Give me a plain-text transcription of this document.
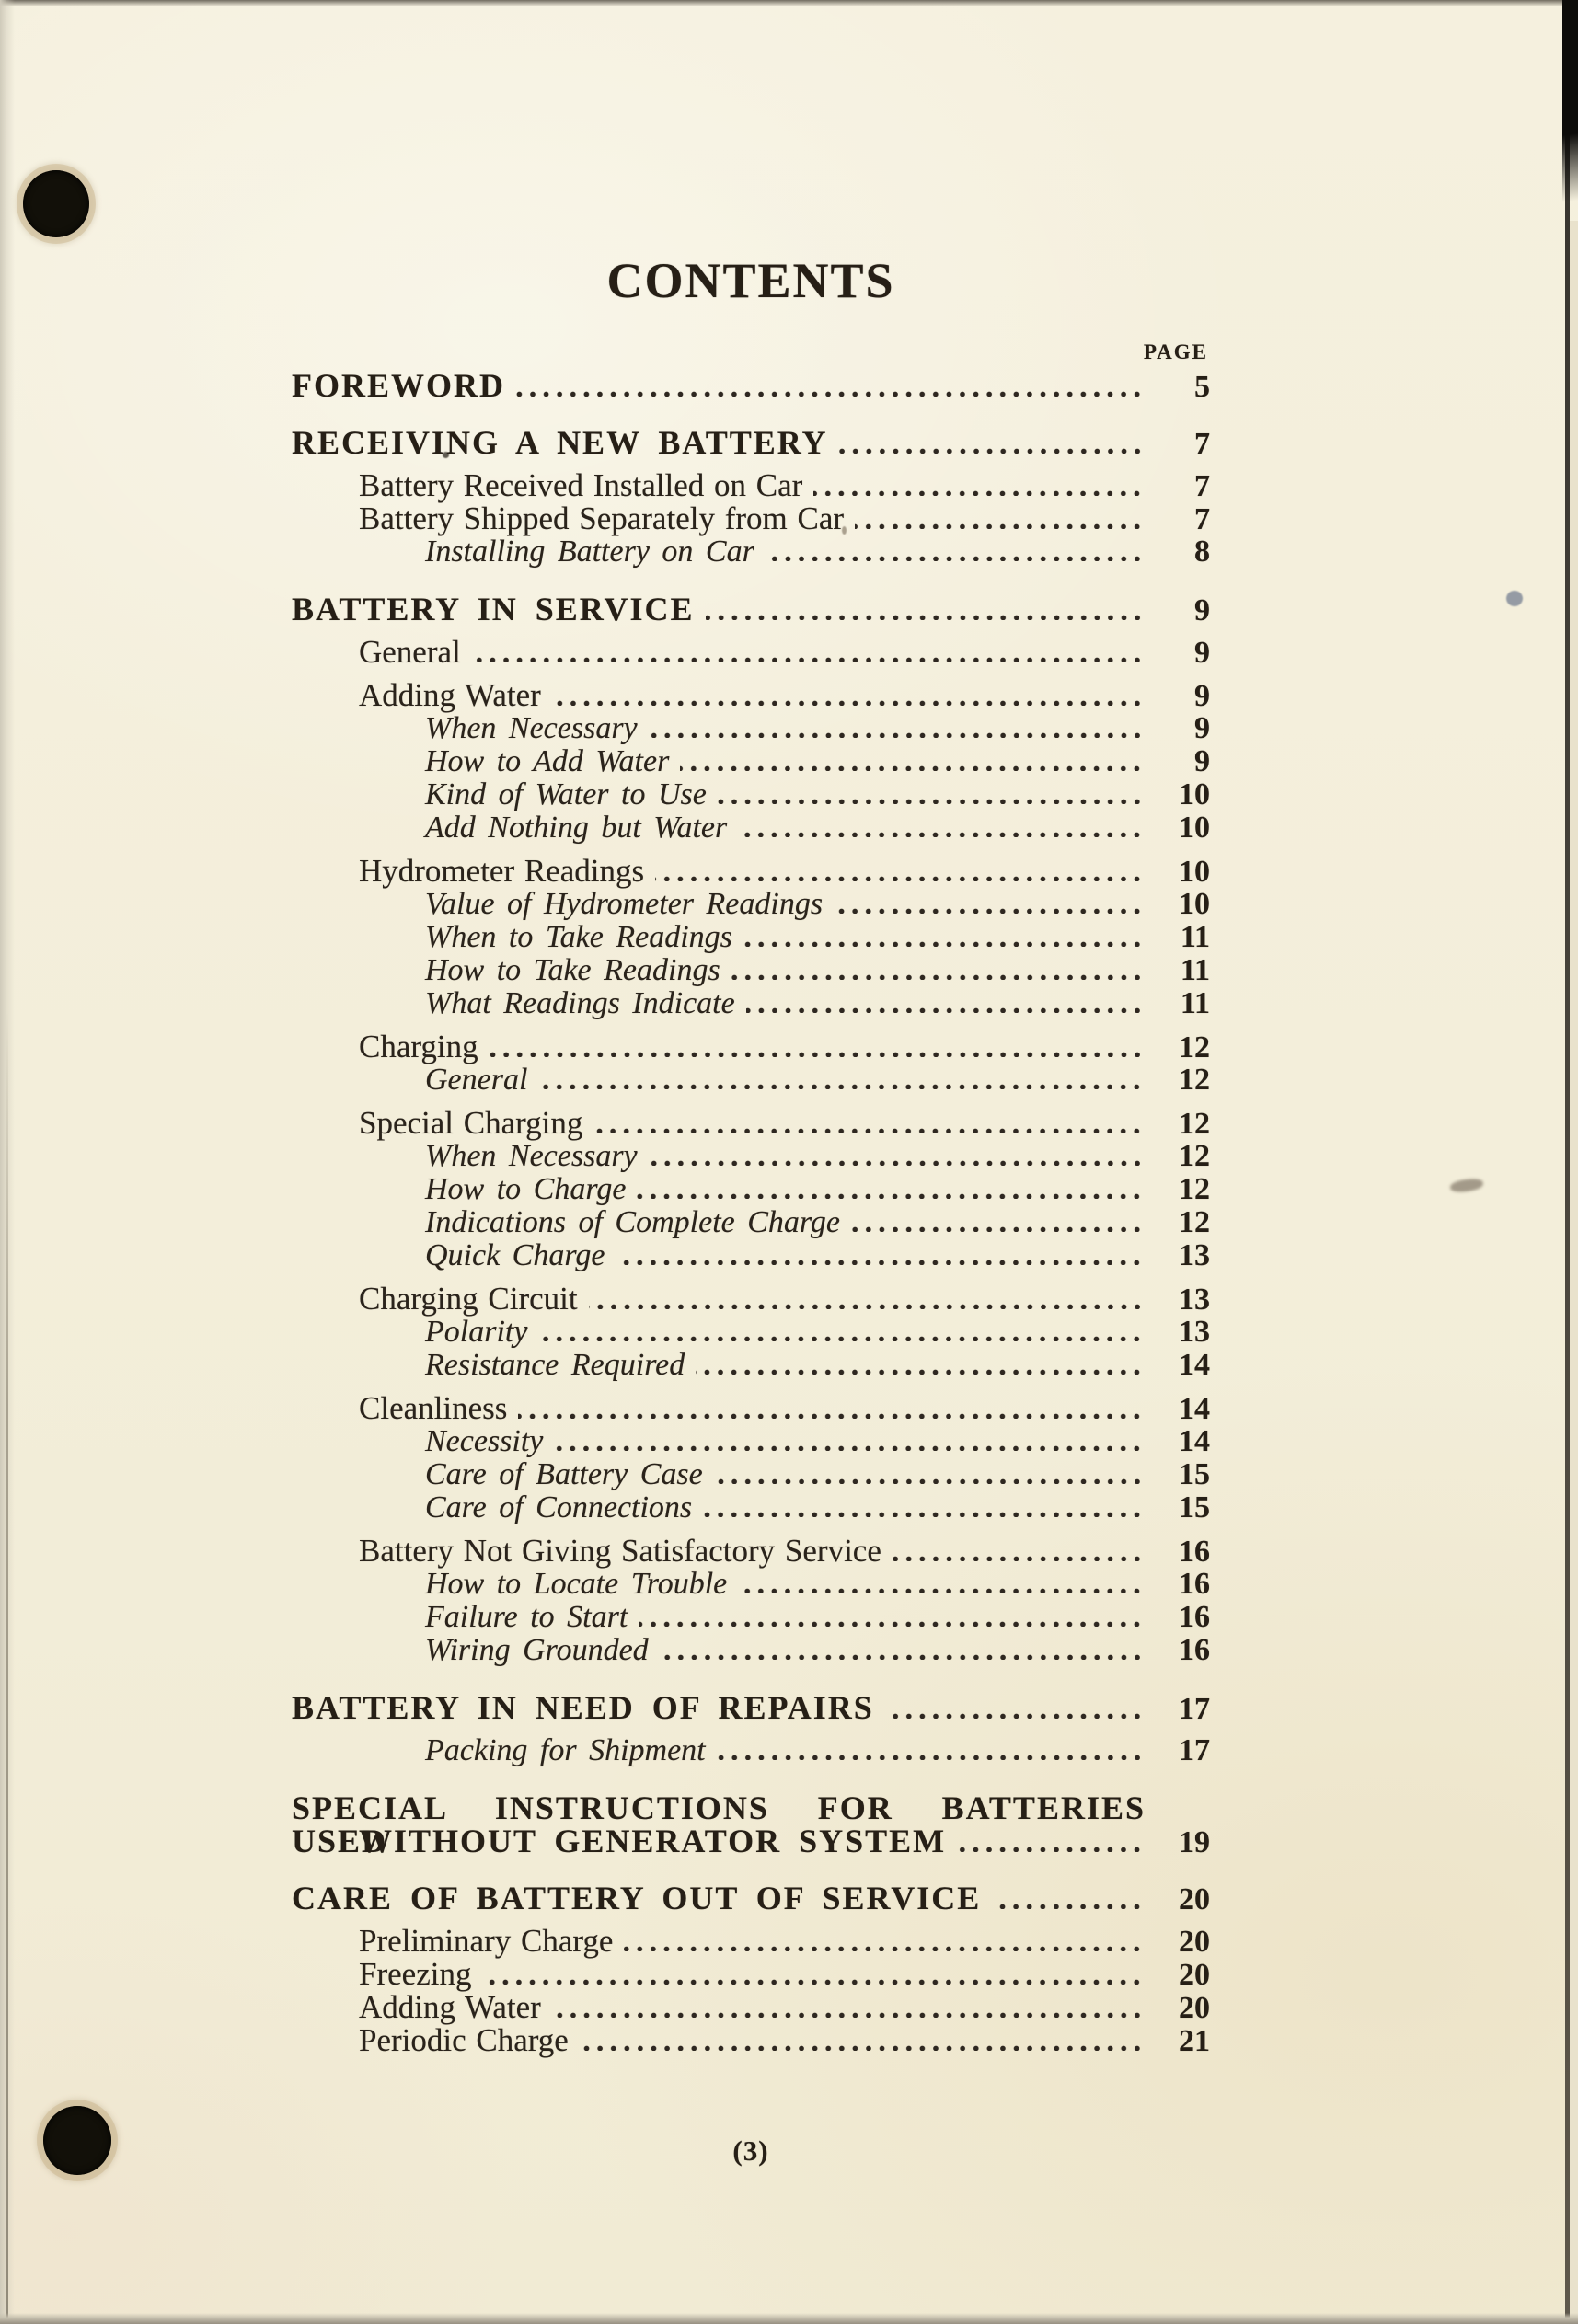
CONTENTS
PAGE
FOREWORD	5
RECEIVING A NEW BATTERY	7
Battery Received Installed on Car	7
Battery Shipped Separately from Car	7
Installing Battery on Car	8
BATTERY IN SERVICE	9
General	9
Adding Water	9
When Necessary	9
How to Add Water	9
Kind of Water to Use	10
Add Nothing but Water	10
Hydrometer Readings	10
Value of Hydrometer Readings	10
When to Take Readings	11
How to Take Readings	11
What Readings Indicate	11
Charging	12
General	12
Special Charging	12
When Necessary	12
How to Charge	12
Indications of Complete Charge	12
Quick Charge	13
Charging Circuit	13
Polarity	13
Resistance Required	14
Cleanliness	14
Necessity	14
Care of Battery Case	15
Care of Connections	15
Battery Not Giving Satisfactory Service	16
How to Locate Trouble	16
Failure to Start	16
Wiring Grounded	16
BATTERY IN NEED OF REPAIRS	17
Packing for Shipment	17
SPECIAL INSTRUCTIONS FOR BATTERIES USED
WITHOUT GENERATOR SYSTEM	19
CARE OF BATTERY OUT OF SERVICE	20
Preliminary Charge	20
Freezing	20
Adding Water	20
Periodic Charge	21
(3)
